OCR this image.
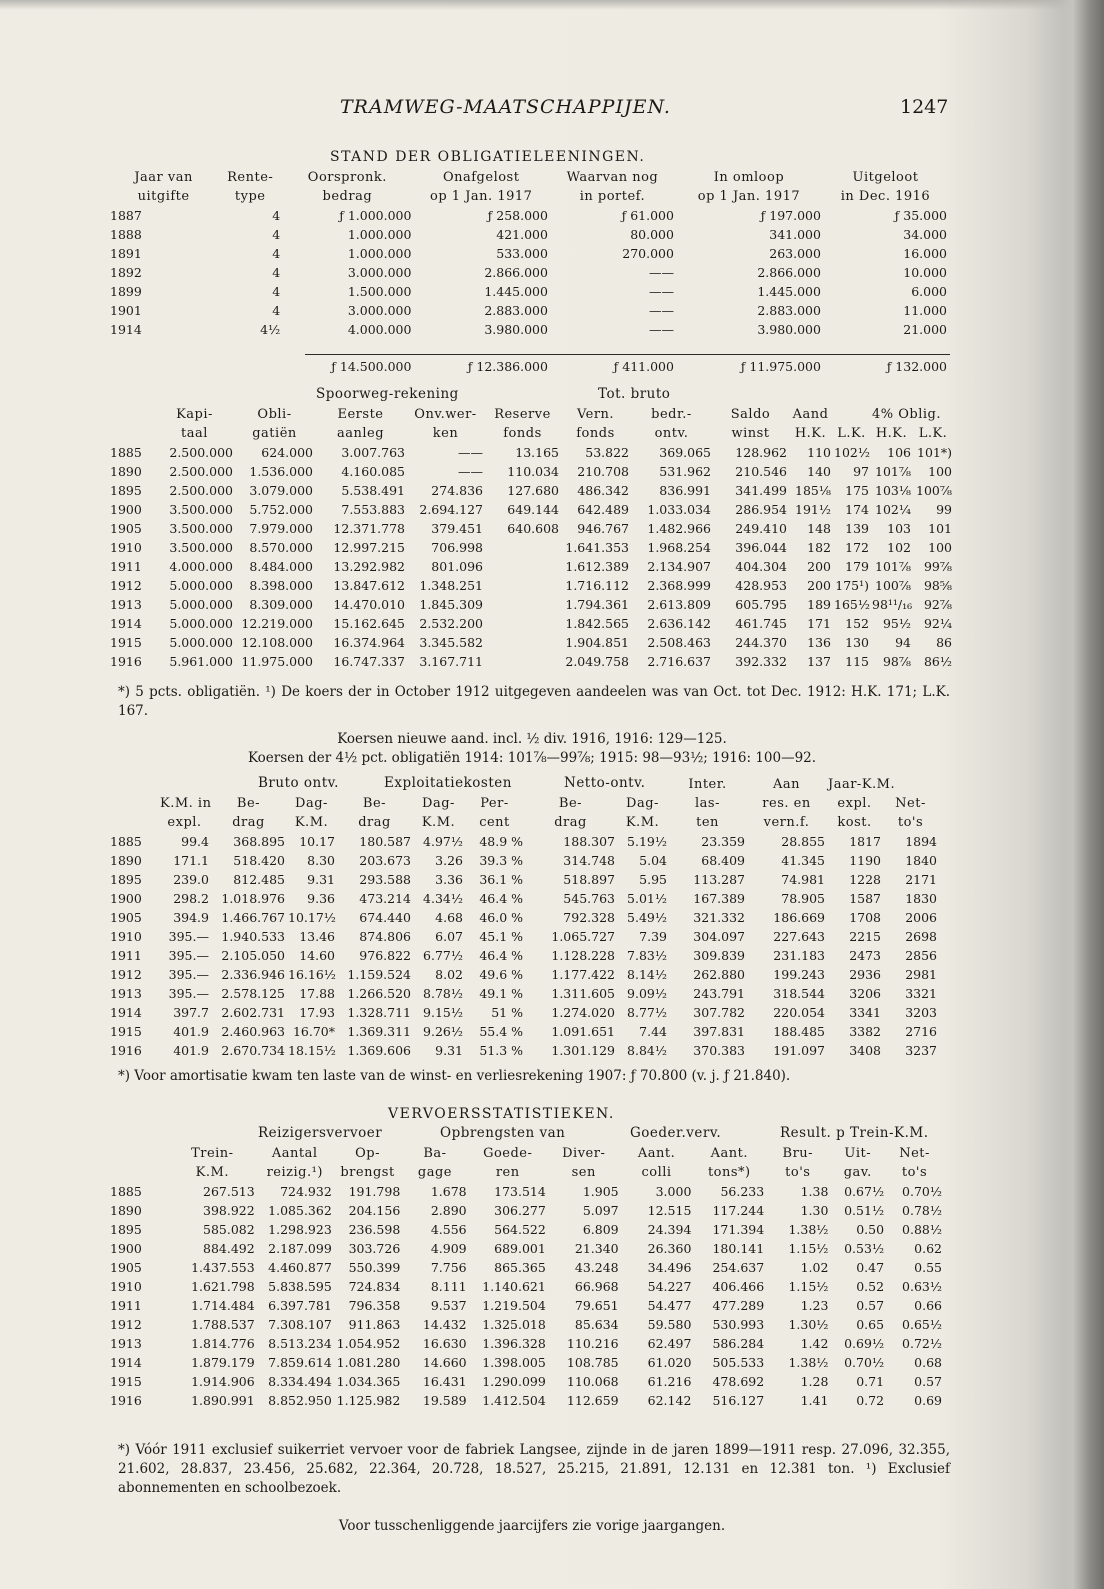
TRAMWEG-MAATSCHAPPIJEN.	1247
STAND DER OBLIGATIELEENINGEN.
Jaar van	Rente-	Oorspronk.	Onafgelost	Waarvan nog	In omloop	Uitgeloot
uitgifte	type	bedrag	op 1 Jan. 1917	in portef.	op 1 Jan. 1917	in Dec. 1916
1887	4	ƒ 1.000.000	ƒ 258.000	ƒ 61.000	ƒ 197.000	ƒ 35.000
1888	4	1.000.000	421.000	80.000	341.000	34.000
1891	4	1.000.000	533.000	270.000	263.000	16.000
1892	4	3.000.000	2.866.000	——	2.866.000	10.000
1899	4	1.500.000	1.445.000	——	1.445.000	6.000
1901	4	3.000.000	2.883.000	——	2.883.000	11.000
1914	4½	4.000.000	3.980.000	——	3.980.000	21.000
		ƒ 14.500.000	ƒ 12.386.000	ƒ 411.000	ƒ 11.975.000	ƒ 132.000
Spoorweg-rekening	Tot. bruto
	Kapi-	Obli-	Eerste	Onv.wer-	Reserve	Vern.	bedr.-	Saldo	Aand		4% Oblig.	
	taal	gatiën	aanleg	ken	fonds	fonds	ontv.	winst	H.K.	L.K.	H.K.	L.K.
1885	2.500.000	624.000	3.007.763	——	13.165	53.822	369.065	128.962	110	102½	106	101*)
1890	2.500.000	1.536.000	4.160.085	——	110.034	210.708	531.962	210.546	140	97	101⅞	100
1895	2.500.000	3.079.000	5.538.491	274.836	127.680	486.342	836.991	341.499	185⅛	175	103⅛	100⅞
1900	3.500.000	5.752.000	7.553.883	2.694.127	649.144	642.489	1.033.034	286.954	191½	174	102¼	99
1905	3.500.000	7.979.000	12.371.778	379.451	640.608	946.767	1.482.966	249.410	148	139	103	101
1910	3.500.000	8.570.000	12.997.215	706.998		1.641.353	1.968.254	396.044	182	172	102	100
1911	4.000.000	8.484.000	13.292.982	801.096		1.612.389	2.134.907	404.304	200	179	101⅞	99⅞
1912	5.000.000	8.398.000	13.847.612	1.348.251		1.716.112	2.368.999	428.953	200	175¹)	100⅞	98⅝
1913	5.000.000	8.309.000	14.470.010	1.845.309		1.794.361	2.613.809	605.795	189	165½	98¹¹/₁₆	92⅞
1914	5.000.000	12.219.000	15.162.645	2.532.200		1.842.565	2.636.142	461.745	171	152	95½	92¼
1915	5.000.000	12.108.000	16.374.964	3.345.582		1.904.851	2.508.463	244.370	136	130	94	86
1916	5.961.000	11.975.000	16.747.337	3.167.711		2.049.758	2.716.637	392.332	137	115	98⅞	86½
*) 5 pcts. obligatiën. ¹) De koers der in October 1912 uitgegeven aandeelen was van Oct. tot Dec. 1912: H.K. 171; L.K. 167.
Koersen nieuwe aand. incl. ½ div. 1916, 1916: 129—125.
Koersen der 4½ pct. obligatiën 1914: 101⅞—99⅞; 1915: 98—93½; 1916: 100—92.
Bruto ontv.	Exploitatiekosten	Netto-ontv.
										Inter.	Aan	Jaar-K.M.	
	K.M. in	Be-	Dag-	Be-	Dag-	Per-	Be-	Dag-	las-	res. en	expl.	Net-
	expl.	drag	K.M.	drag	K.M.	cent	drag	K.M.	ten	vern.f.	kost.	to's
1885	99.4	368.895	10.17	180.587	4.97½	48.9 %	188.307	5.19½	23.359	28.855	1817	1894
1890	171.1	518.420	8.30	203.673	3.26	39.3 %	314.748	5.04	68.409	41.345	1190	1840
1895	239.0	812.485	9.31	293.588	3.36	36.1 %	518.897	5.95	113.287	74.981	1228	2171
1900	298.2	1.018.976	9.36	473.214	4.34½	46.4 %	545.763	5.01½	167.389	78.905	1587	1830
1905	394.9	1.466.767	10.17½	674.440	4.68	46.0 %	792.328	5.49½	321.332	186.669	1708	2006
1910	395.—	1.940.533	13.46	874.806	6.07	45.1 %	1.065.727	7.39	304.097	227.643	2215	2698
1911	395.—	2.105.050	14.60	976.822	6.77½	46.4 %	1.128.228	7.83½	309.839	231.183	2473	2856
1912	395.—	2.336.946	16.16½	1.159.524	8.02	49.6 %	1.177.422	8.14½	262.880	199.243	2936	2981
1913	395.—	2.578.125	17.88	1.266.520	8.78½	49.1 %	1.311.605	9.09½	243.791	318.544	3206	3321
1914	397.7	2.602.731	17.93	1.328.711	9.15½	51 %	1.274.020	8.77½	307.782	220.054	3341	3203
1915	401.9	2.460.963	16.70*	1.369.311	9.26½	55.4 %	1.091.651	7.44	397.831	188.485	3382	2716
1916	401.9	2.670.734	18.15½	1.369.606	9.31	51.3 %	1.301.129	8.84½	370.383	191.097	3408	3237
*) Voor amortisatie kwam ten laste van de winst- en verliesrekening 1907: ƒ 70.800 (v. j. ƒ 21.840).
VERVOERSSTATISTIEKEN.
Reizigersvervoer	Opbrengsten van	Goeder.verv.	Result. p Trein-K.M.
	Trein-	Aantal	Op-	Ba-	Goede-	Diver-	Aant.	Aant.	Bru-	Uit-	Net-
	K.M.	reizig.¹)	brengst	gage	ren	sen	colli	tons*)	to's	gav.	to's
1885	267.513	724.932	191.798	1.678	173.514	1.905	3.000	56.233	1.38	0.67½	0.70½
1890	398.922	1.085.362	204.156	2.890	306.277	5.097	12.515	117.244	1.30	0.51½	0.78½
1895	585.082	1.298.923	236.598	4.556	564.522	6.809	24.394	171.394	1.38½	0.50	0.88½
1900	884.492	2.187.099	303.726	4.909	689.001	21.340	26.360	180.141	1.15½	0.53½	0.62
1905	1.437.553	4.460.877	550.399	7.756	865.365	43.248	34.496	254.637	1.02	0.47	0.55
1910	1.621.798	5.838.595	724.834	8.111	1.140.621	66.968	54.227	406.466	1.15½	0.52	0.63½
1911	1.714.484	6.397.781	796.358	9.537	1.219.504	79.651	54.477	477.289	1.23	0.57	0.66
1912	1.788.537	7.308.107	911.863	14.432	1.325.018	85.634	59.580	530.993	1.30½	0.65	0.65½
1913	1.814.776	8.513.234	1.054.952	16.630	1.396.328	110.216	62.497	586.284	1.42	0.69½	0.72½
1914	1.879.179	7.859.614	1.081.280	14.660	1.398.005	108.785	61.020	505.533	1.38½	0.70½	0.68
1915	1.914.906	8.334.494	1.034.365	16.431	1.290.099	110.068	61.216	478.692	1.28	0.71	0.57
1916	1.890.991	8.852.950	1.125.982	19.589	1.412.504	112.659	62.142	516.127	1.41	0.72	0.69
*) Vóór 1911 exclusief suikerriet vervoer voor de fabriek Langsee, zijnde in de jaren 1899—1911 resp. 27.096, 32.355, 21.602, 28.837, 23.456, 25.682, 22.364, 20.728, 18.527, 25.215, 21.891, 12.131 en 12.381 ton. ¹) Exclusief abonnementen en schoolbezoek.
Voor tusschenliggende jaarcijfers zie vorige jaargangen.
